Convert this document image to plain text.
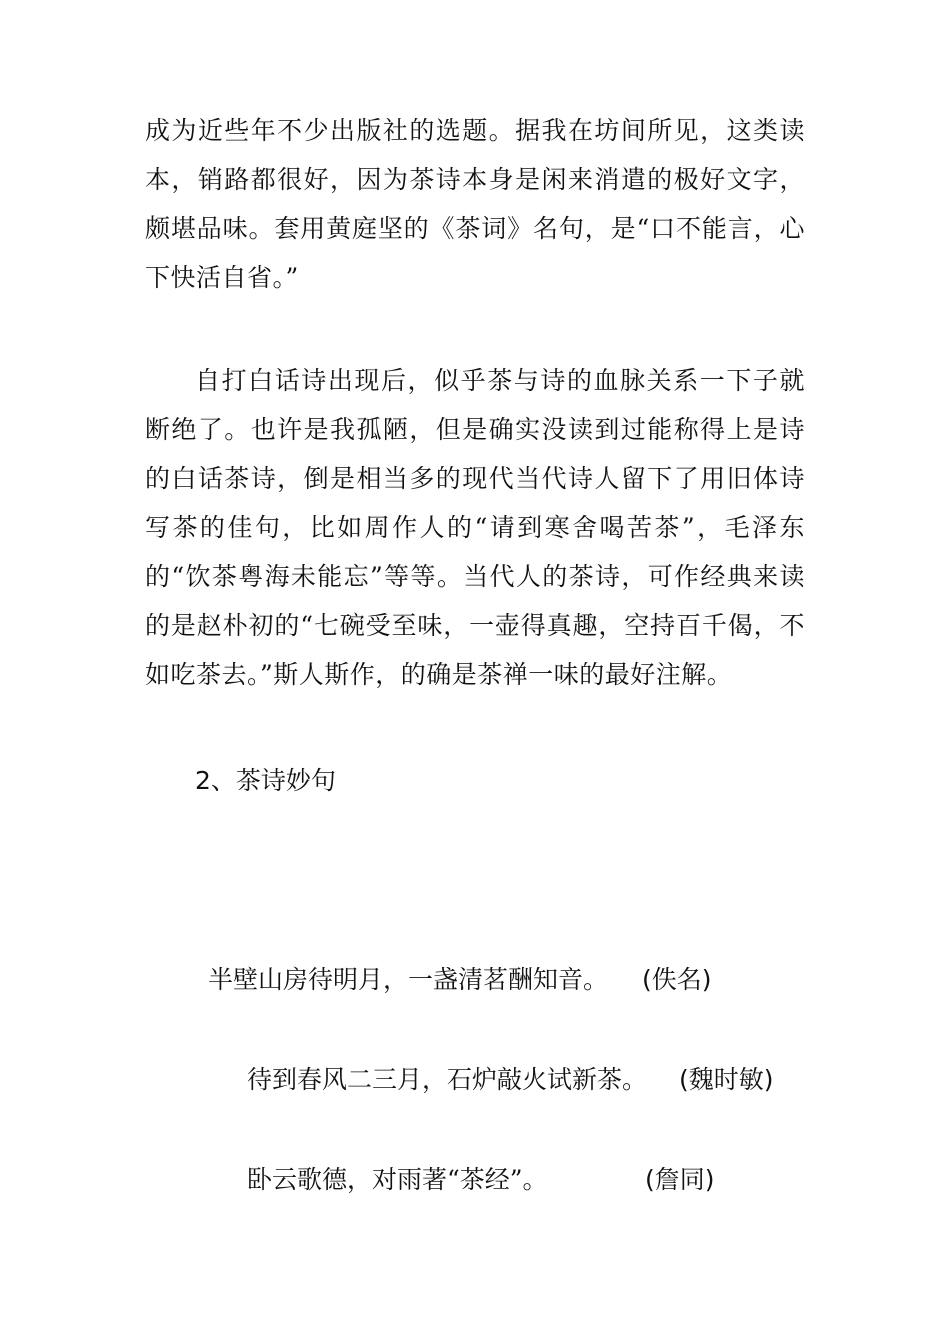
成为近些年不少出版社的选题。据我在坊间所见，这类读本，销路都很好，因为茶诗本身是闲来消遣的极好文字，颇堪品味。套用黄庭坚的《茶词》名句，是“口不能言，心下快活自省。”

自打白话诗出现后，似乎茶与诗的血脉关系一下子就断绝了。也许是我孤陋，但是确实没读到过能称得上是诗的白话茶诗，倒是相当多的现代当代诗人留下了用旧体诗写茶的佳句，比如周作人的“请到寒舍喝苦茶”，毛泽东的“饮茶粤海未能忘”等等。当代人的茶诗，可作经典来读的是赵朴初的“七碗受至味，一壶得真趣，空持百千偈，不如吃茶去。”斯人斯作，的确是茶禅一味的最好注解。

2、茶诗妙句

半壁山房待明月，一盏清茗酬知音。 (佚名)
待到春风二三月，石炉敲火试新茶。 (魏时敏)
卧云歌德，对雨著“茶经”。	(詹同)
